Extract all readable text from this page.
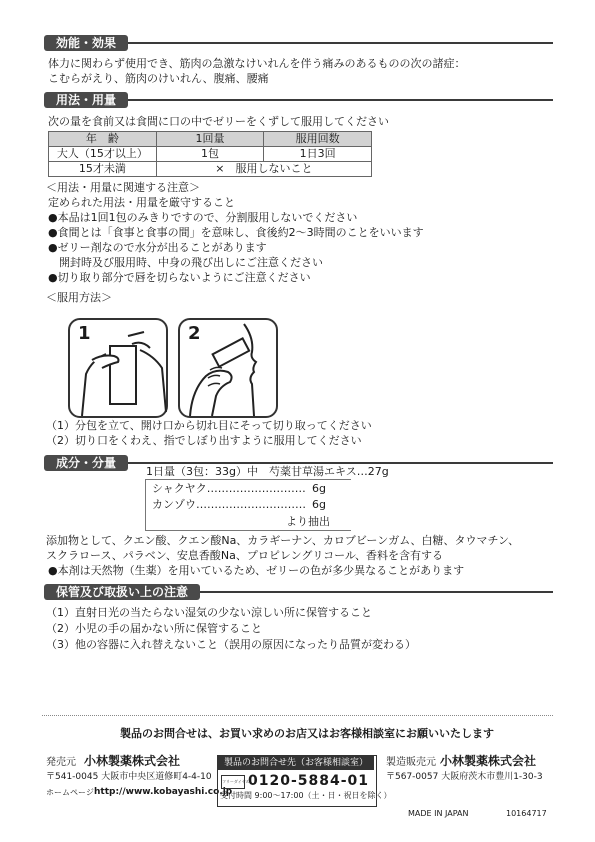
効能・効果
体力に関わらず使用でき、筋肉の急激なけいれんを伴う痛みのあるものの次の諸症：
こむらがえり、筋肉のけいれん、腹痛、腰痛
用法・用量
次の量を食前又は食間に口の中でゼリーをくずして服用してください
年　齢	1回量	服用回数
大人（15才以上）	1包	1日3回
15才未満	×　服用しないこと	
＜用法・用量に関連する注意＞
定められた用法・用量を厳守すること
●本品は1回1包のみきりですので、分割服用しないでください
●食間とは「食事と食事の間」を意味し、食後約2〜3時間のことをいいます
●ゼリー剤なので水分が出ることがあります
　開封時及び服用時、中身の飛び出しにご注意ください
●切り取り部分で唇を切らないようにご注意ください
＜服用方法＞
1	2
（1）分包を立て、開け口から切れ目にそって切り取ってください
（2）切り口をくわえ、指でしぼり出すように服用してください
成分・分量
1日量（3包：33g）中　芍薬甘草湯エキス…27g
シャクヤク……………………… 6g
カンゾウ………………………… 6g
より抽出
添加物として、クエン酸、クエン酸Na、カラギーナン、カロブビーンガム、白糖、タウマチン、
スクラロース、パラベン、安息香酸Na、プロピレングリコール、香料を含有する
●本剤は天然物（生薬）を用いているため、ゼリーの色が多少異なることがあります
保管及び取扱い上の注意
（1）直射日光の当たらない湿気の少ない涼しい所に保管すること
（2）小児の手の届かない所に保管すること
（3）他の容器に入れ替えないこと（誤用の原因になったり品質が変わる）
製品のお問合せは、お買い求めのお店又はお客様相談室にお願いいたします
発売元 小林製薬株式会社
〒541-0045 大阪市中央区道修町4-4-10
ホームページ http://www.kobayashi.co.jp
製品のお問合せ先（お客様相談室）
フリーダイヤル
0120-5884-01
受付時間 9:00〜17:00（土・日・祝日を除く）
製造販売元 小林製薬株式会社
〒567-0057 大阪府茨木市豊川1-30-3
MADE IN JAPAN	10164717
